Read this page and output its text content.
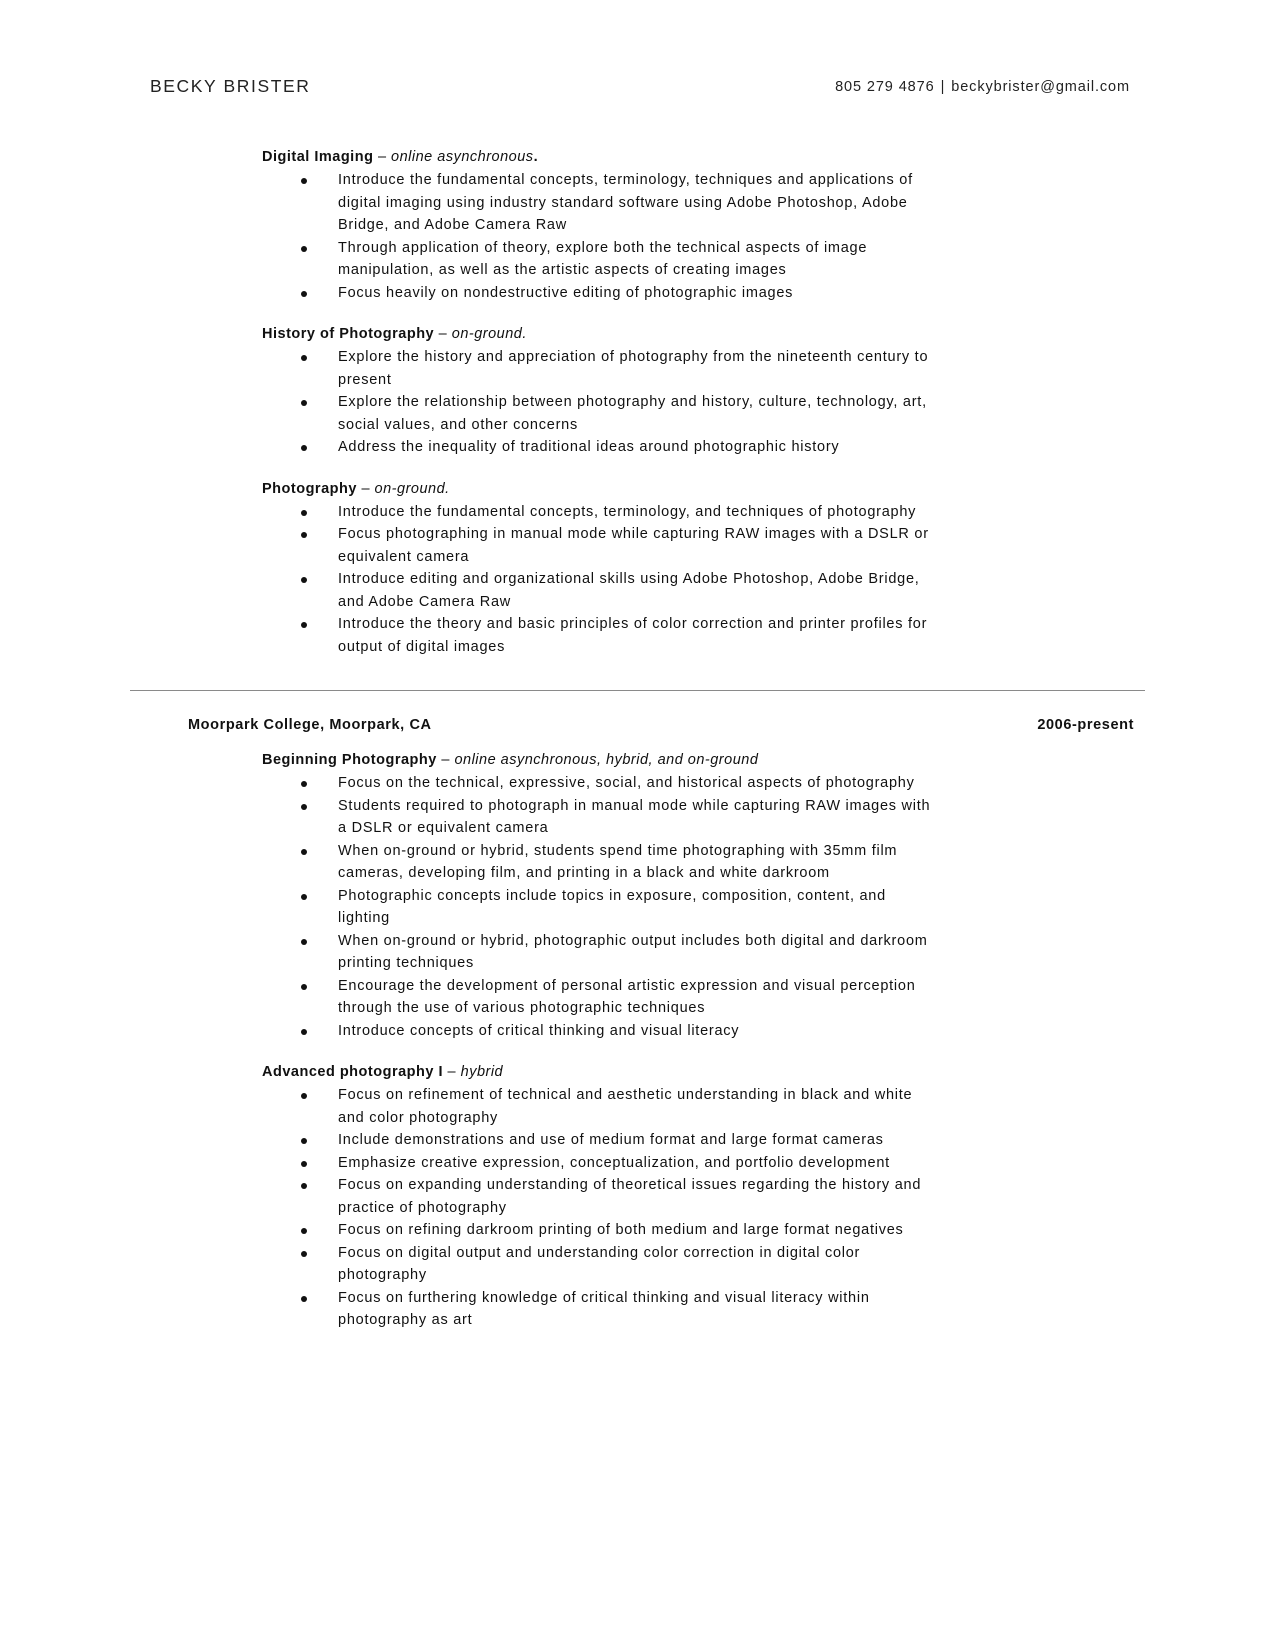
BECKY BRISTER	805 279 4876 | beckybrister@gmail.com
Digital Imaging – online asynchronous.
Introduce the fundamental concepts, terminology, techniques and applications of digital imaging using industry standard software using Adobe Photoshop, Adobe Bridge, and Adobe Camera Raw
Through application of theory, explore both the technical aspects of image manipulation, as well as the artistic aspects of creating images
Focus heavily on nondestructive editing of photographic images
History of Photography – on-ground.
Explore the history and appreciation of photography from the nineteenth century to present
Explore the relationship between photography and history, culture, technology, art, social values, and other concerns
Address the inequality of traditional ideas around photographic history
Photography – on-ground.
Introduce the fundamental concepts, terminology, and techniques of photography
Focus photographing in manual mode while capturing RAW images with a DSLR or equivalent camera
Introduce editing and organizational skills using Adobe Photoshop, Adobe Bridge, and Adobe Camera Raw
Introduce the theory and basic principles of color correction and printer profiles for output of digital images
Moorpark College, Moorpark, CA	2006-present
Beginning Photography – online asynchronous, hybrid, and on-ground
Focus on the technical, expressive, social, and historical aspects of photography
Students required to photograph in manual mode while capturing RAW images with a DSLR or equivalent camera
When on-ground or hybrid, students spend time photographing with 35mm film cameras, developing film, and printing in a black and white darkroom
Photographic concepts include topics in exposure, composition, content, and lighting
When on-ground or hybrid, photographic output includes both digital and darkroom printing techniques
Encourage the development of personal artistic expression and visual perception through the use of various photographic techniques
Introduce concepts of critical thinking and visual literacy
Advanced photography I – hybrid
Focus on refinement of technical and aesthetic understanding in black and white and color photography
Include demonstrations and use of medium format and large format cameras
Emphasize creative expression, conceptualization, and portfolio development
Focus on expanding understanding of theoretical issues regarding the history and practice of photography
Focus on refining darkroom printing of both medium and large format negatives
Focus on digital output and understanding color correction in digital color photography
Focus on furthering knowledge of critical thinking and visual literacy within photography as art
